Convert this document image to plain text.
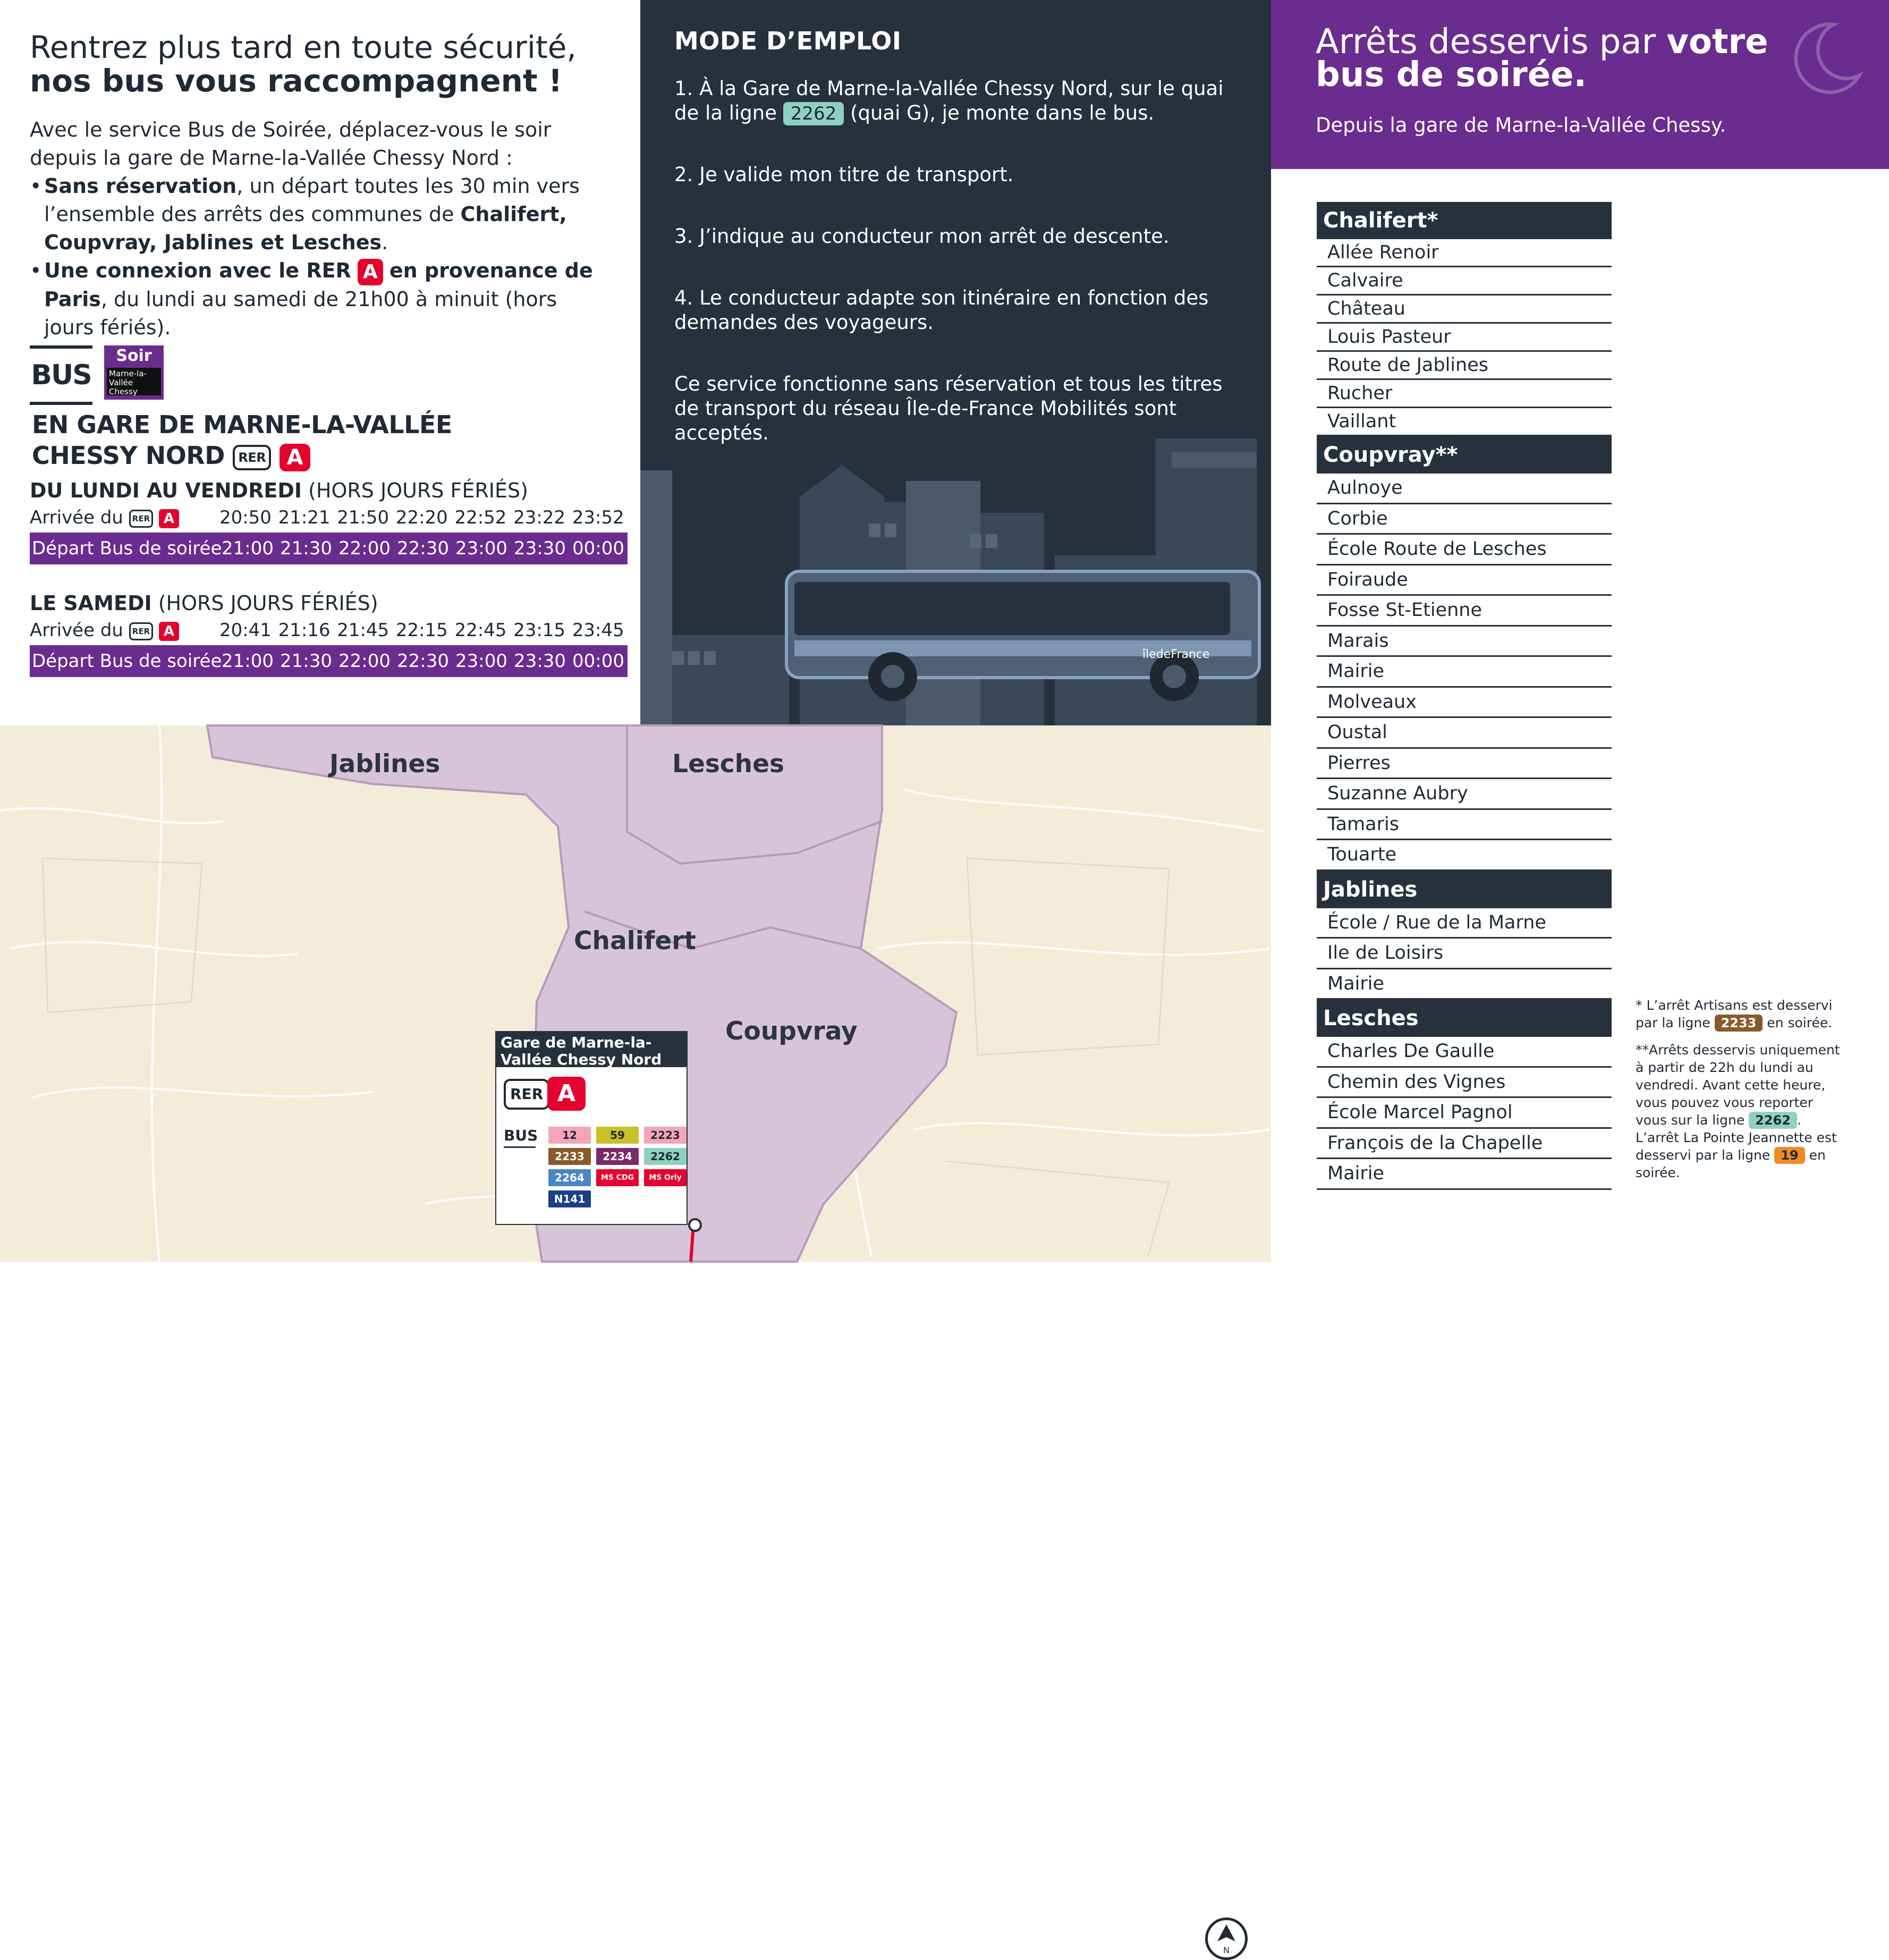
Rentrez plus tard en toute sécurité,
nos bus vous raccompagnent !

Avec le service Bus de Soirée, déplacez-vous le soir depuis la gare de Marne-la-Vallée Chessy Nord :

• Sans réservation, un départ toutes les 30 min vers l’ensemble des arrêts des communes de Chalifert, Coupvray, Jablines et Lesches.
• Une connexion avec le RER A en provenance de Paris, du lundi au samedi de 21h00 à minuit (hors jours fériés).
BUS
Soir
Marne-la-Vallée Chessy
EN GARE DE MARNE-LA-VALLÉE
CHESSY NORD RER A
DU LUNDI AU VENDREDI (HORS JOURS FÉRIÉS)
Arrivée du RER A	20:50 21:21 21:50 22:20 22:52 23:22 23:52
Départ Bus de soirée 21:00 21:30 22:00 22:30 23:00 23:30 00:00
LE SAMEDI (HORS JOURS FÉRIÉS)
Arrivée du RER A	20:41 21:16 21:45 22:15 22:45 23:15 23:45
Départ Bus de soirée 21:00 21:30 22:00 22:30 23:00 23:30 00:00
MODE D’EMPLOI

1. À la Gare de Marne-la-Vallée Chessy Nord, sur le quai de la ligne 2262 (quai G), je monte dans le bus.

2. Je valide mon titre de transport.

3. J’indique au conducteur mon arrêt de descente.

4. Le conducteur adapte son itinéraire en fonction des demandes des voyageurs.

Ce service fonctionne sans réservation et tous les titres de transport du réseau Île-de-France Mobilités sont acceptés.

îledeFrance
Arrêts desservis par votre bus de soirée.

Depuis la gare de Marne-la-Vallée Chessy.

Chalifert*
Allée Renoir
Calvaire
Château
Louis Pasteur
Route de Jablines
Rucher
Vaillant
Coupvray**
Aulnoye
Corbie
École Route de Lesches
Foiraude
Fosse St-Etienne
Marais
Mairie
Molveaux
Oustal
Pierres
Suzanne Aubry
Tamaris
Touarte
Jablines
École / Rue de la Marne
Ile de Loisirs
Mairie
Lesches
Charles De Gaulle
Chemin des Vignes
École Marcel Pagnol
François de la Chapelle
Mairie

* L’arrêt Artisans est desservi par la ligne 2233 en soirée.

**Arrêts desservis uniquement à partir de 22h du lundi au vendredi. Avant cette heure, vous pouvez vous reporter vous sur la ligne 2262 . L’arrêt La Pointe Jeannette est desservi par la ligne 19 en soirée.

Jablines	Lesches
Chalifert
Coupvray
N
Gare de Marne-la-Vallée Chessy Nord
RER A
BUS	12	59	2223
2233	2234	2262
2264	MS CDG	MS Orly
N141
